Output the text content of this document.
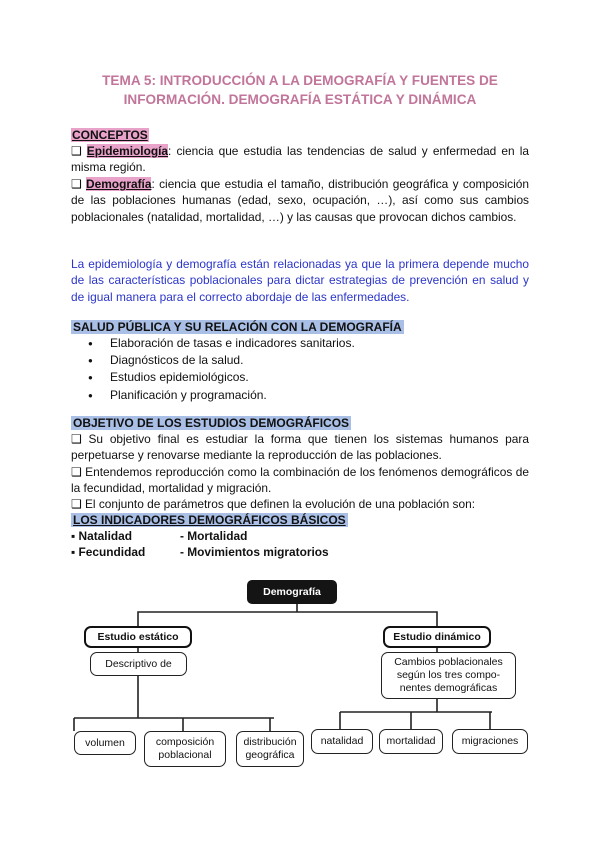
TEMA 5: INTRODUCCIÓN A LA DEMOGRAFÍA Y FUENTES DE
INFORMACIÓN. DEMOGRAFÍA ESTÁTICA Y DINÁMICA
CONCEPTOS
❑ Epidemiología: ciencia que estudia las tendencias de salud y enfermedad en la misma región.
❑ Demografía: ciencia que estudia el tamaño, distribución geográfica y composición de las poblaciones humanas (edad, sexo, ocupación, …), así como sus cambios poblacionales (natalidad, mortalidad, …) y las causas que provocan dichos cambios.
La epidemiología y demografía están relacionadas ya que la primera depende mucho de las características poblacionales para dictar estrategias de prevención en salud y de igual manera para el correcto abordaje de las enfermedades.
SALUD PÚBLICA Y SU RELACIÓN CON LA DEMOGRAFÍA
● Elaboración de tasas e indicadores sanitarios.
● Diagnósticos de la salud.
● Estudios epidemiológicos.
● Planificación y programación.
OBJETIVO DE LOS ESTUDIOS DEMOGRÁFICOS
❑ Su objetivo final es estudiar la forma que tienen los sistemas humanos para perpetuarse y renovarse mediante la reproducción de las poblaciones.
❑ Entendemos reproducción como la combinación de los fenómenos demográficos de la fecundidad, mortalidad y migración.
❑ El conjunto de parámetros que definen la evolución de una población son:
LOS INDICADORES DEMOGRÁFICOS BÁSICOS
▪ Natalidad	- Mortalidad
▪ Fecundidad	- Movimientos migratorios
Demografía
Estudio estático	Estudio dinámico
Descriptivo de	Cambios poblacionales
según los tres compo-
nentes demográficas
volumen	composición poblacional
distribución geográfica
natalidad	mortalidad	migraciones
